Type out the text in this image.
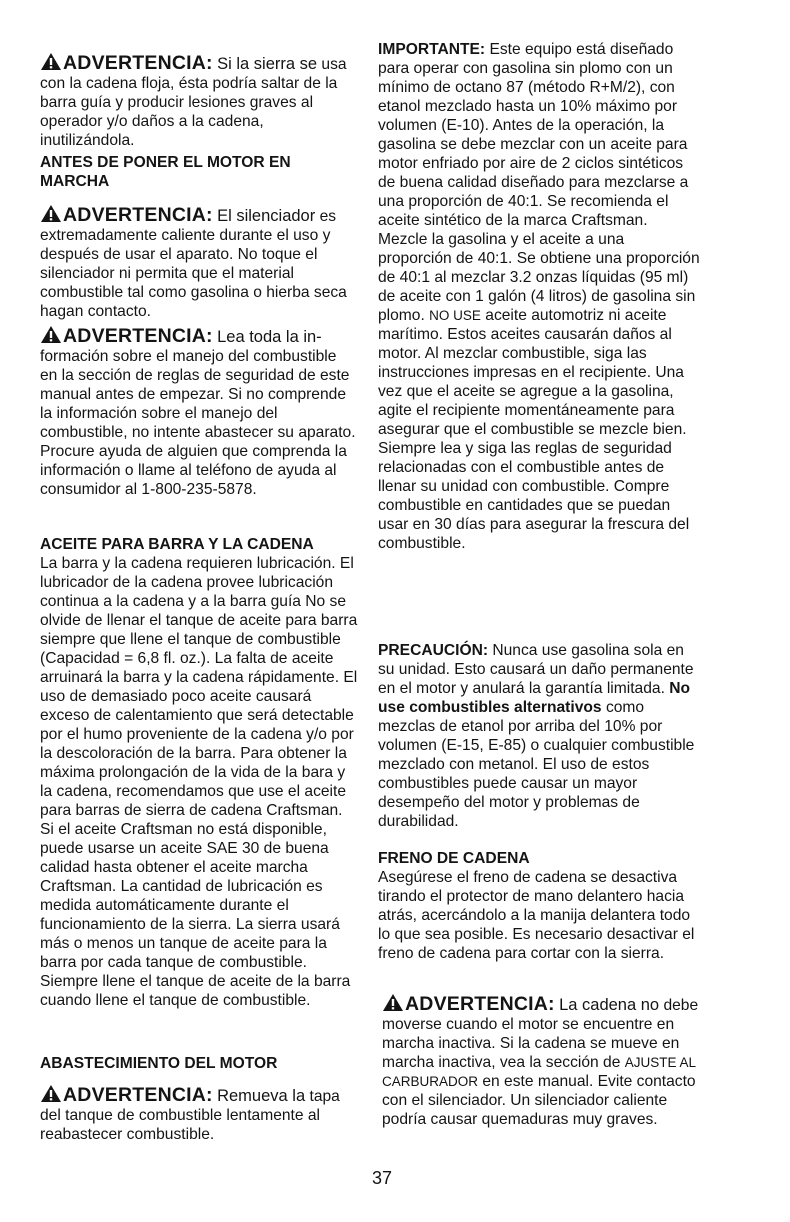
ADVERTENCIA: Si la sierra se usa con la cadena floja, ésta podría saltar de la barra guía y producir lesiones graves al operador y/o daños a la cadena, inutilizándola.

ANTES DE PONER EL MOTOR EN MARCHA

ADVERTENCIA: El silenciador es extremadamente caliente durante el uso y después de usar el aparato. No toque el silenciador ni permita que el material combustible tal como gasolina o hierba seca hagan contacto.

ADVERTENCIA: Lea toda la in- formación sobre el manejo del combustible en la sección de reglas de seguridad de este manual antes de empezar. Si no comprende la información sobre el manejo del combustible, no intente abastecer su aparato. Procure ayuda de alguien que comprenda la información o llame al teléfono de ayuda al consumidor al 1-800-235-5878.

ACEITE PARA BARRA Y LA CADENA

La barra y la cadena requieren lubricación. El lubricador de la cadena provee lubricación continua a la cadena y a la barra guía No se olvide de llenar el tanque de aceite para barra siempre que llene el tanque de combustible (Capacidad = 6,8 fl. oz.). La falta de aceite arruinará la barra y la cadena rápidamente. El uso de demasiado poco aceite causará exceso de calentamiento que será detectable por el humo proveniente de la cadena y/o por la descoloración de la barra. Para obtener la máxima prolongación de la vida de la bara y la cadena, recomendamos que use el aceite para barras de sierra de cadena Craftsman. Si el aceite Craftsman no está disponible, puede usarse un aceite SAE 30 de buena calidad hasta obtener el aceite marcha Craftsman. La cantidad de lubricación es medida automáticamente durante el funcionamiento de la sierra. La sierra usará más o menos un tanque de aceite para la barra por cada tanque de combustible. Siempre llene el tanque de aceite de la barra cuando llene el tanque de combustible.

ABASTECIMIENTO DEL MOTOR

ADVERTENCIA: Remueva la tapa del tanque de combustible lentamente al reabastecer combustible.

IMPORTANTE: Este equipo está diseñado para operar con gasolina sin plomo con un mínimo de octano 87 (método R+M/2), con etanol mezclado hasta un 10% máximo por volumen (E-10). Antes de la operación, la gasolina se debe mezclar con un aceite para motor enfriado por aire de 2 ciclos sintéticos de buena calidad diseñado para mezclarse a una proporción de 40:1. Se recomienda el aceite sintético de la marca Craftsman. Mezcle la gasolina y el aceite a una proporción de 40:1. Se obtiene una proporción de 40:1 al mezclar 3.2 onzas líquidas (95 ml) de aceite con 1 galón (4 litros) de gasolina sin plomo. NO USE aceite automotriz ni aceite marítimo. Estos aceites causarán daños al motor. Al mezclar combustible, siga las instrucciones impresas en el recipiente. Una vez que el aceite se agregue a la gasolina, agite el recipiente momentáneamente para asegurar que el combustible se mezcle bien. Siempre lea y siga las reglas de seguridad relacionadas con el combustible antes de llenar su unidad con combustible. Compre combustible en cantidades que se puedan usar en 30 días para asegurar la frescura del combustible.

PRECAUCIÓN: Nunca use gasolina sola en su unidad. Esto causará un daño permanente en el motor y anulará la garantía limitada. No use combustibles alternativos como mezclas de etanol por arriba del 10% por volumen (E-15, E-85) o cualquier combustible mezclado con metanol. El uso de estos combustibles puede causar un mayor desempeño del motor y problemas de durabilidad.

FRENO DE CADENA

Asegúrese el freno de cadena se desactiva tirando el protector de mano delantero hacia atrás, acercándolo a la manija delantera todo lo que sea posible. Es necesario desactivar el freno de cadena para cortar con la sierra.

ADVERTENCIA: La cadena no debe moverse cuando el motor se encuentre en marcha inactiva. Si la cadena se mueve en marcha inactiva, vea la sección de AJUSTE AL CARBURADOR en este manual. Evite contacto con el silenciador. Un silenciador caliente podría causar quemaduras muy graves.

37
